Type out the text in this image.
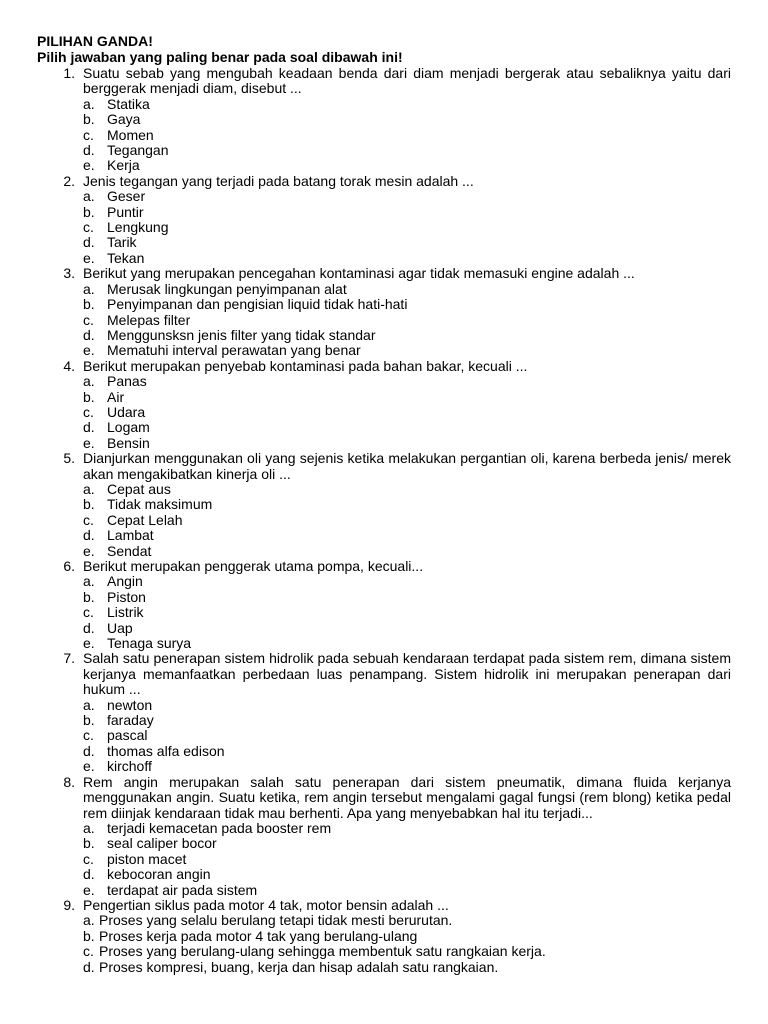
PILIHAN GANDA!
Pilih jawaban yang paling benar pada soal dibawah ini!
1. Suatu sebab yang mengubah keadaan benda dari diam menjadi bergerak atau sebaliknya yaitu dari berggerak menjadi diam, disebut ...
a. Statika
b. Gaya
c. Momen
d. Tegangan
e. Kerja
2. Jenis tegangan yang terjadi pada batang torak mesin adalah ...
a. Geser
b. Puntir
c. Lengkung
d. Tarik
e. Tekan
3. Berikut yang merupakan pencegahan kontaminasi agar tidak memasuki engine adalah ...
a. Merusak lingkungan penyimpanan alat
b. Penyimpanan dan pengisian liquid tidak hati-hati
c. Melepas filter
d. Menggunsksn jenis filter yang tidak standar
e. Mematuhi interval perawatan yang benar
4. Berikut merupakan penyebab kontaminasi pada bahan bakar, kecuali ...
a. Panas
b. Air
c. Udara
d. Logam
e. Bensin
5. Dianjurkan menggunakan oli yang sejenis ketika melakukan pergantian oli, karena berbeda jenis/ merek akan mengakibatkan kinerja oli ...
a. Cepat aus
b. Tidak maksimum
c. Cepat Lelah
d. Lambat
e. Sendat
6. Berikut merupakan penggerak utama pompa, kecuali...
a. Angin
b. Piston
c. Listrik
d. Uap
e. Tenaga surya
7. Salah satu penerapan sistem hidrolik pada sebuah kendaraan terdapat pada sistem rem, dimana sistem kerjanya memanfaatkan perbedaan luas penampang. Sistem hidrolik ini merupakan penerapan dari hukum ...
a. newton
b. faraday
c. pascal
d. thomas alfa edison
e. kirchoff
8. Rem angin merupakan salah satu penerapan dari sistem pneumatik, dimana fluida kerjanya menggunakan angin. Suatu ketika, rem angin tersebut mengalami gagal fungsi (rem blong) ketika pedal rem diinjak kendaraan tidak mau berhenti. Apa yang menyebabkan hal itu terjadi...
a. terjadi kemacetan pada booster rem
b. seal caliper bocor
c. piston macet
d. kebocoran angin
e. terdapat air pada sistem
9. Pengertian siklus pada motor 4 tak, motor bensin adalah ...
a. Proses yang selalu berulang tetapi tidak mesti berurutan.
b. Proses kerja pada motor 4 tak yang berulang-ulang
c. Proses yang berulang-ulang sehingga membentuk satu rangkaian kerja.
d. Proses kompresi, buang, kerja dan hisap adalah satu rangkaian.
